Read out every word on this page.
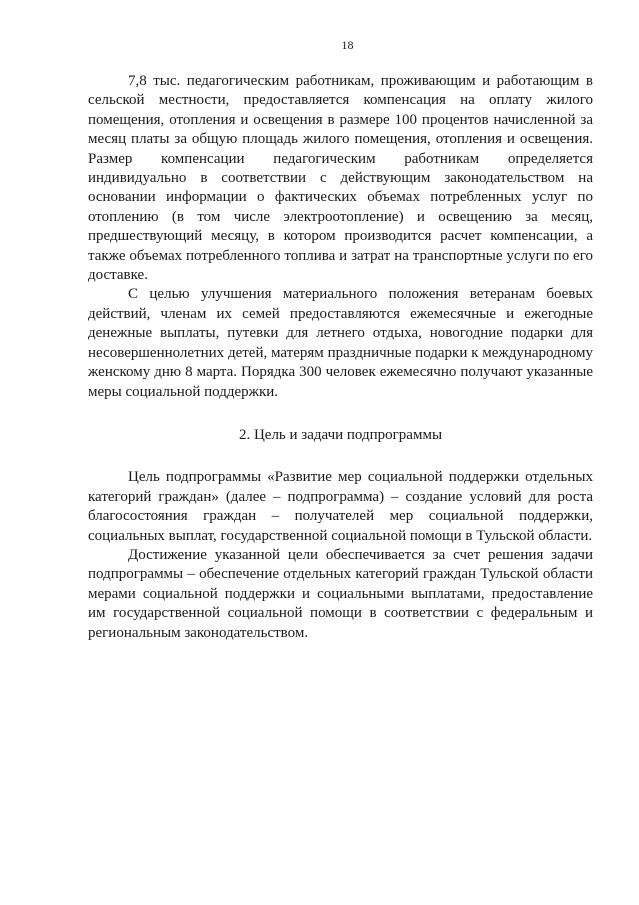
18

7,8 тыс. педагогическим работникам, проживающим и работающим в сельской местности, предоставляется компенсация на оплату жилого помещения, отопления и освещения в размере 100 процентов начисленной за месяц платы за общую площадь жилого помещения, отопления и освещения. Размер компенсации педагогическим работникам определяется индивидуально в соответствии с действующим законодательством на основании информации о фактических объемах потребленных услуг по отоплению (в том числе электроотопление) и освещению за месяц, предшествующий месяцу, в котором производится расчет компенсации, а также объемах потребленного топлива и затрат на транспортные услуги по его доставке.

С целью улучшения материального положения ветеранам боевых действий, членам их семей предоставляются ежемесячные и ежегодные денежные выплаты, путевки для летнего отдыха, новогодние подарки для несовершеннолетних детей, матерям праздничные подарки к международному женскому дню 8 марта. Порядка 300 человек ежемесячно получают указанные меры социальной поддержки.

2. Цель и задачи подпрограммы

Цель подпрограммы «Развитие мер социальной поддержки отдельных категорий граждан» (далее – подпрограмма) – создание условий для роста благосостояния граждан – получателей мер социальной поддержки, социальных выплат, государственной социальной помощи в Тульской области.

Достижение указанной цели обеспечивается за счет решения задачи подпрограммы – обеспечение отдельных категорий граждан Тульской области мерами социальной поддержки и социальными выплатами, предоставление им государственной социальной помощи в соответствии с федеральным и региональным законодательством.
